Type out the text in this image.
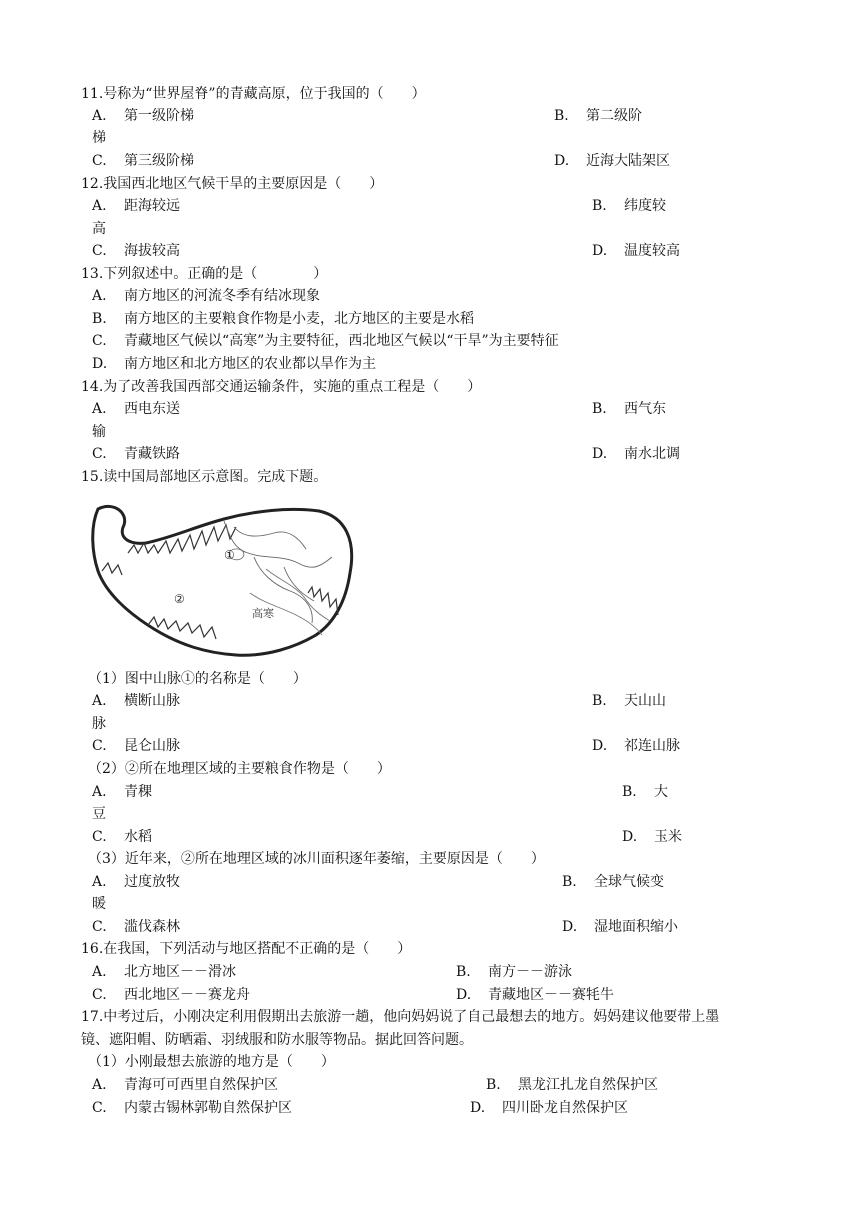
11.号称为“世界屋脊”的青藏高原，位于我国的（　　）
A. 第一级阶梯	B. 第二级阶
梯
C. 第三级阶梯	D. 近海大陆架区
12.我国西北地区气候干旱的主要原因是（　　）
A. 距海较远	B. 纬度较
高
C. 海拔较高	D. 温度较高
13.下列叙述中。正确的是（　　　　）
A. 南方地区的河流冬季有结冰现象
B. 南方地区的主要粮食作物是小麦，北方地区的主要是水稻
C. 青藏地区气候以“高寒”为主要特征，西北地区气候以“干旱”为主要特征
D. 南方地区和北方地区的农业都以旱作为主
14.为了改善我国西部交通运输条件，实施的重点工程是（　　）
A. 西电东送	B. 西气东
输
C. 青藏铁路	D. 南水北调
15.读中国局部地区示意图。完成下题。
①
②
高寒
（1）图中山脉①的名称是（　　）
A. 横断山脉	B. 天山山
脉
C. 昆仑山脉	D. 祁连山脉
（2）②所在地理区域的主要粮食作物是（　　）
A. 青稞	B. 大
豆
C. 水稻	D. 玉米
（3）近年来，②所在地理区域的冰川面积逐年萎缩，主要原因是（　　）
A. 过度放牧	B. 全球气候变
暖
C. 滥伐森林	D. 湿地面积缩小
16.在我国，下列活动与地区搭配不正确的是（　　）
A. 北方地区－－滑冰	B. 南方－－游泳
C. 西北地区－－赛龙舟	D. 青藏地区－－赛牦牛
17.中考过后，小刚决定利用假期出去旅游一趟，他向妈妈说了自己最想去的地方。妈妈建议他要带上墨
镜、遮阳帽、防晒霜、羽绒服和防水服等物品。据此回答问题。
（1）小刚最想去旅游的地方是（　　）
A. 青海可可西里自然保护区	B. 黑龙江扎龙自然保护区
C. 内蒙古锡林郭勒自然保护区	D. 四川卧龙自然保护区
